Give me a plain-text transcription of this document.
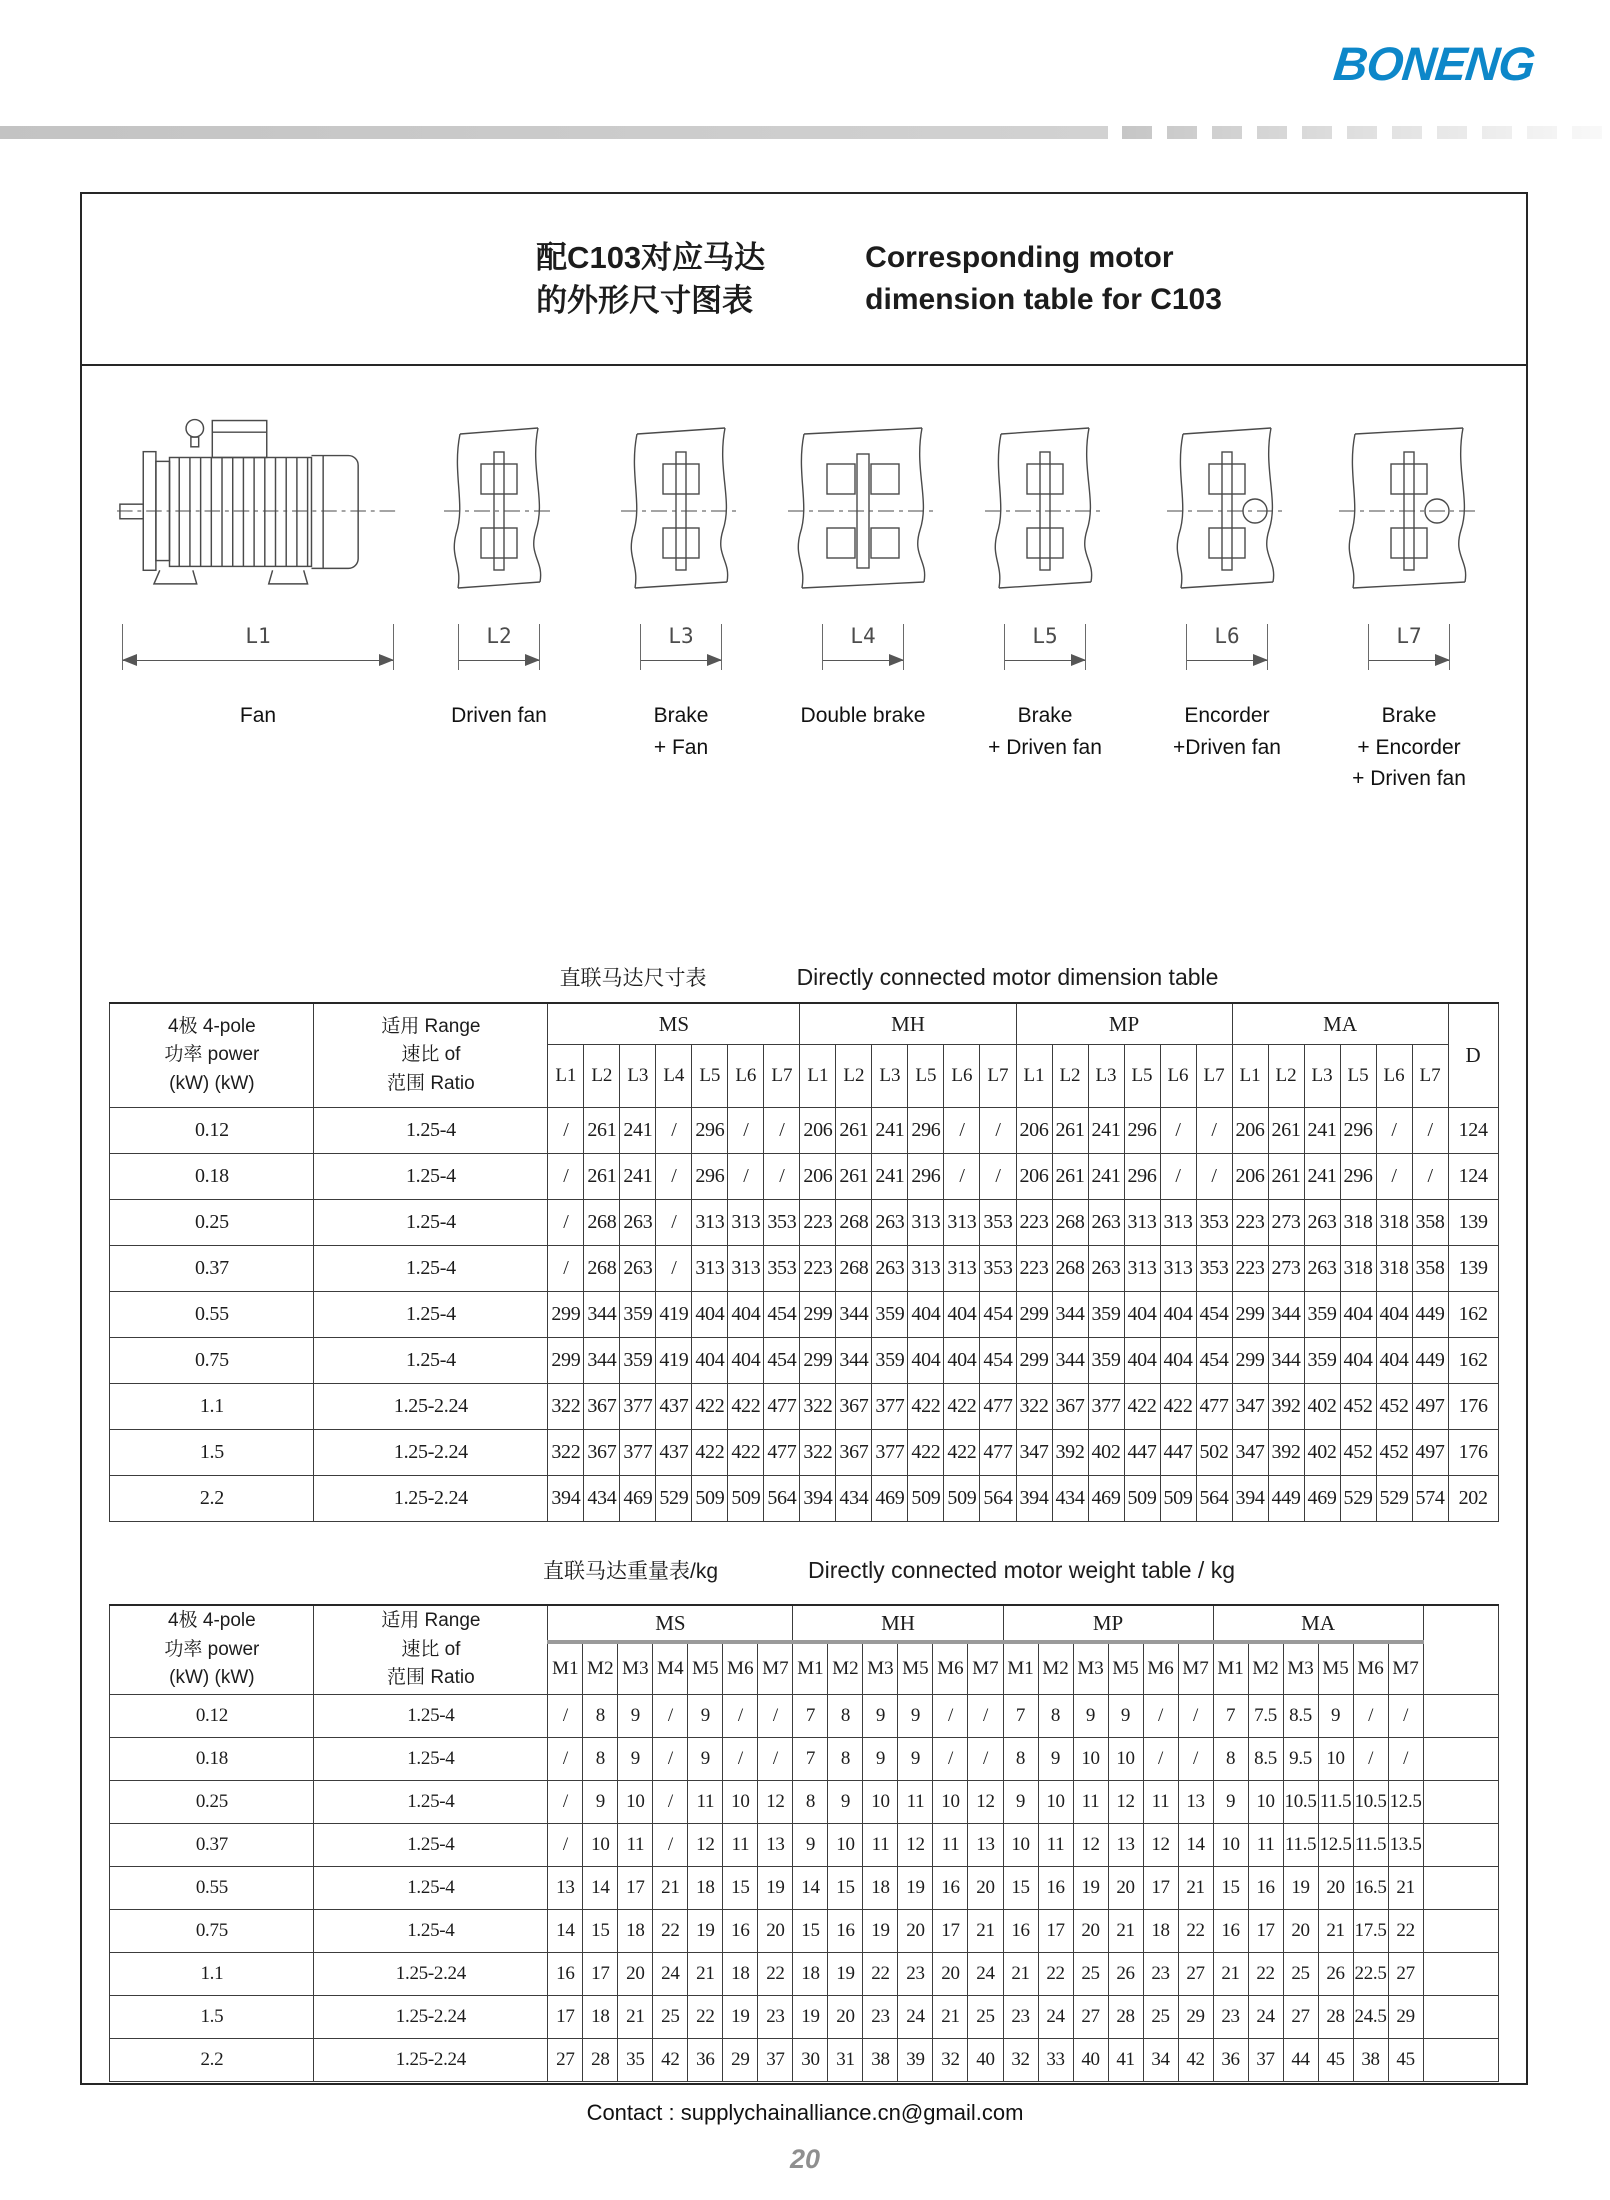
BONENG
配C103对应马达
的外形尺寸图表
Corresponding motor
dimension table for C103
L1
Fan
L2
Driven fan
L3
Brake
+ Fan
L4
Double brake
L5
Brake
+ Driven fan
L6
Encorder
+Driven fan
L7
Brake
+ Encorder
+ Driven fan
直联马达尺寸表	Directly connected motor dimension table
4极 4-pole
功率 power
(kW) (kW)

适用 Range
速比 of
范围 Ratio
	MS	MH	MP	MA	D
		L1	L2	L3	L4	L5	L6	L7	L1	L2	L3	L5	L6	L7	L1	L2	L3	L5	L6	L7	L1	L2	L3	L5	L6	L7	
0.12	1.25-4	/	261	241	/	296	/	/	206	261	241	296	/	/	206	261	241	296	/	/	206	261	241	296	/	/	124
0.18	1.25-4	/	261	241	/	296	/	/	206	261	241	296	/	/	206	261	241	296	/	/	206	261	241	296	/	/	124
0.25	1.25-4	/	268	263	/	313	313	353	223	268	263	313	313	353	223	268	263	313	313	353	223	273	263	318	318	358	139
0.37	1.25-4	/	268	263	/	313	313	353	223	268	263	313	313	353	223	268	263	313	313	353	223	273	263	318	318	358	139
0.55	1.25-4	299	344	359	419	404	404	454	299	344	359	404	404	454	299	344	359	404	404	454	299	344	359	404	404	449	162
0.75	1.25-4	299	344	359	419	404	404	454	299	344	359	404	404	454	299	344	359	404	404	454	299	344	359	404	404	449	162
1.1	1.25-2.24	322	367	377	437	422	422	477	322	367	377	422	422	477	322	367	377	422	422	477	347	392	402	452	452	497	176
1.5	1.25-2.24	322	367	377	437	422	422	477	322	367	377	422	422	477	347	392	402	447	447	502	347	392	402	452	452	497	176
2.2	1.25-2.24	394	434	469	529	509	509	564	394	434	469	509	509	564	394	434	469	509	509	564	394	449	469	529	529	574	202
直联马达重量表/kg	Directly connected motor weight table / kg
4极 4-pole
功率 power
(kW) (kW)

适用 Range
速比 of
范围 Ratio
	MS	MH	MP	MA	
		M1	M2	M3	M4	M5	M6	M7	M1	M2	M3	M5	M6	M7	M1	M2	M3	M5	M6	M7	M1	M2	M3	M5	M6	M7	
0.12	1.25-4	/	8	9	/	9	/	/	7	8	9	9	/	/	7	8	9	9	/	/	7	7.5	8.5	9	/	/	
0.18	1.25-4	/	8	9	/	9	/	/	7	8	9	9	/	/	8	9	10	10	/	/	8	8.5	9.5	10	/	/	
0.25	1.25-4	/	9	10	/	11	10	12	8	9	10	11	10	12	9	10	11	12	11	13	9	10	10.5	11.5	10.5	12.5	
0.37	1.25-4	/	10	11	/	12	11	13	9	10	11	12	11	13	10	11	12	13	12	14	10	11	11.5	12.5	11.5	13.5	
0.55	1.25-4	13	14	17	21	18	15	19	14	15	18	19	16	20	15	16	19	20	17	21	15	16	19	20	16.5	21	
0.75	1.25-4	14	15	18	22	19	16	20	15	16	19	20	17	21	16	17	20	21	18	22	16	17	20	21	17.5	22	
1.1	1.25-2.24	16	17	20	24	21	18	22	18	19	22	23	20	24	21	22	25	26	23	27	21	22	25	26	22.5	27	
1.5	1.25-2.24	17	18	21	25	22	19	23	19	20	23	24	21	25	23	24	27	28	25	29	23	24	27	28	24.5	29	
2.2	1.25-2.24	27	28	35	42	36	29	37	30	31	38	39	32	40	32	33	40	41	34	42	36	37	44	45	38	45	
Contact : supplychainalliance.cn@gmail.com
20
